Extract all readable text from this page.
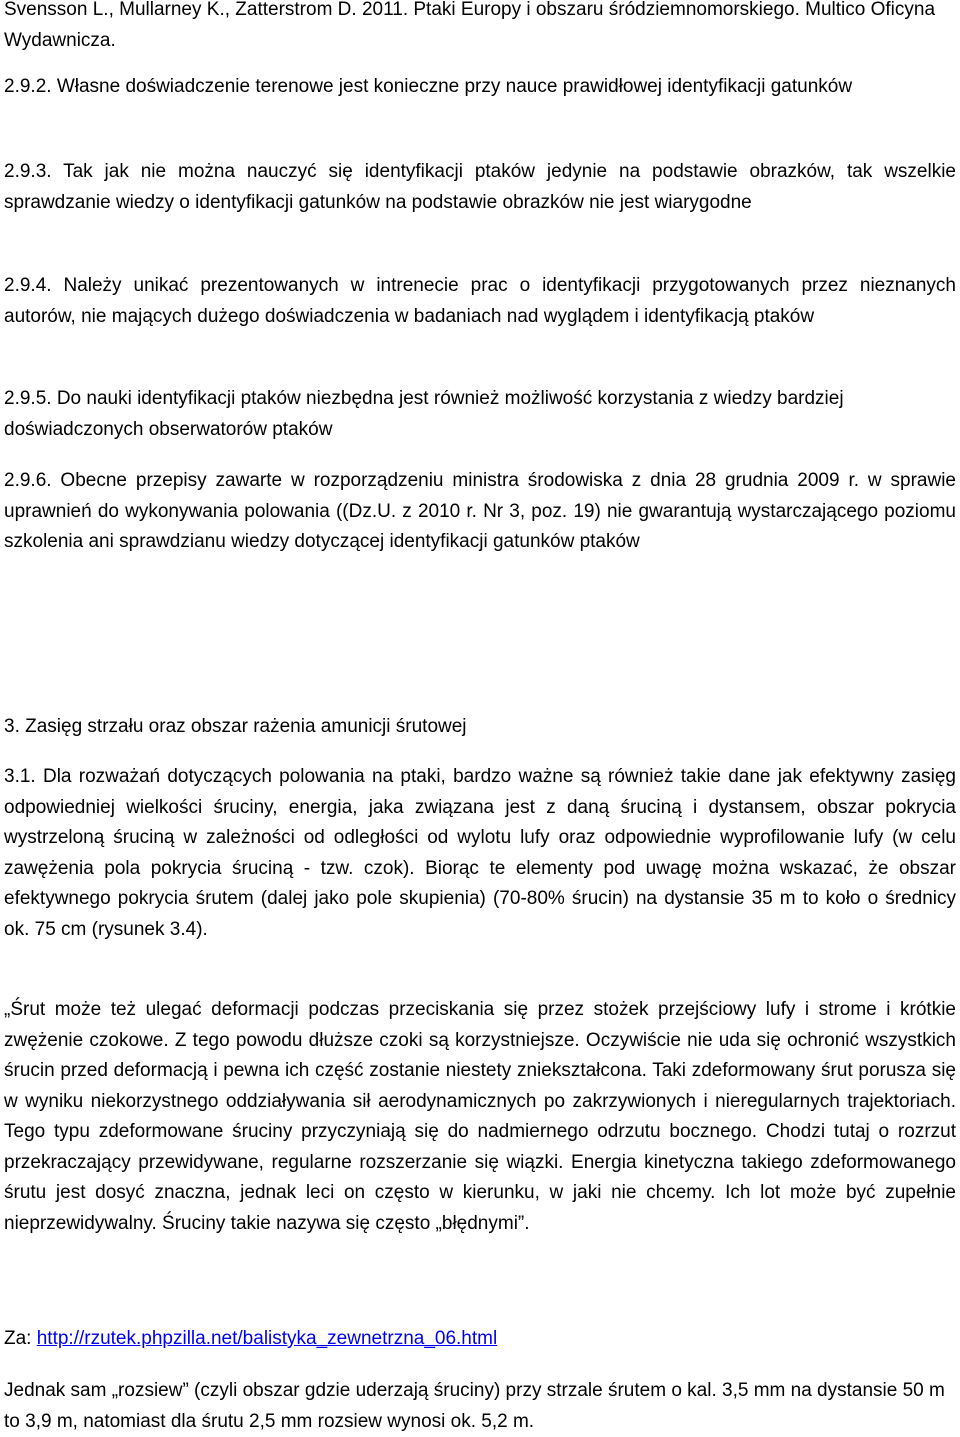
Svensson L., Mullarney K., Zatterstrom D. 2011. Ptaki Europy i obszaru śródziemnomorskiego. Multico Oficyna Wydawnicza.

2.9.2. Własne doświadczenie terenowe jest konieczne przy nauce prawidłowej identyfikacji gatunków

2.9.3. Tak jak nie można nauczyć się identyfikacji ptaków jedynie na podstawie obrazków, tak wszelkie sprawdzanie wiedzy o identyfikacji gatunków na podstawie obrazków nie jest wiarygodne

2.9.4. Należy unikać prezentowanych w intrenecie prac o identyfikacji przygotowanych przez nieznanych autorów, nie mających dużego doświadczenia w badaniach nad wyglądem i identyfikacją ptaków

2.9.5. Do nauki identyfikacji ptaków niezbędna jest również możliwość korzystania z wiedzy bardziej doświadczonych obserwatorów ptaków

2.9.6. Obecne przepisy zawarte w rozporządzeniu ministra środowiska z dnia 28 grudnia 2009 r. w sprawie uprawnień do wykonywania polowania ((Dz.U. z 2010 r. Nr 3, poz. 19) nie gwarantują wystarczającego poziomu szkolenia ani sprawdzianu wiedzy dotyczącej identyfikacji gatunków ptaków

3. Zasięg strzału oraz obszar rażenia amunicji śrutowej

3.1. Dla rozważań dotyczących polowania na ptaki, bardzo ważne są również takie dane jak efektywny zasięg odpowiedniej wielkości śruciny, energia, jaka związana jest z daną śruciną i dystansem, obszar pokrycia wystrzeloną śruciną w zależności od odległości od wylotu lufy oraz odpowiednie wyprofilowanie lufy (w celu zawężenia pola pokrycia śruciną - tzw. czok). Biorąc te elementy pod uwagę można wskazać, że obszar efektywnego pokrycia śrutem (dalej jako pole skupienia) (70-80% śrucin) na dystansie 35 m to koło o średnicy ok. 75 cm (rysunek 3.4).

„Śrut może też ulegać deformacji podczas przeciskania się przez stożek przejściowy lufy i strome i krótkie zwężenie czokowe. Z tego powodu dłuższe czoki są korzystniejsze. Oczywiście nie uda się ochronić wszystkich śrucin przed deformacją i pewna ich część zostanie niestety zniekształcona. Taki zdeformowany śrut porusza się w wyniku niekorzystnego oddziaływania sił aerodynamicznych po zakrzywionych i nieregularnych trajektoriach. Tego typu zdeformowane śruciny przyczyniają się do nadmiernego odrzutu bocznego. Chodzi tutaj o rozrzut przekraczający przewidywane, regularne rozszerzanie się wiązki. Energia kinetyczna takiego zdeformowanego śrutu jest dosyć znaczna, jednak leci on często w kierunku, w jaki nie chcemy. Ich lot może być zupełnie nieprzewidywalny. Śruciny takie nazywa się często „błędnymi”.

Za: http://rzutek.phpzilla.net/balistyka_zewnetrzna_06.html

Jednak sam „rozsiew” (czyli obszar gdzie uderzają śruciny) przy strzale śrutem o kal. 3,5 mm na dystansie 50 m to 3,9 m, natomiast dla śrutu 2,5 mm rozsiew wynosi ok. 5,2 m.
